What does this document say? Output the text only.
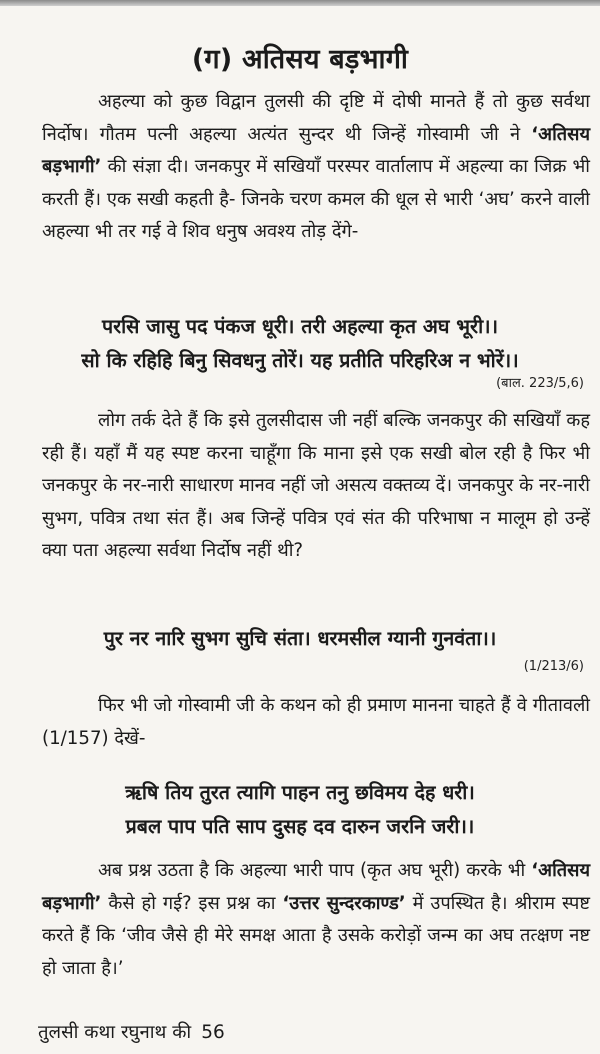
(ग) अतिसय बड़भागी

अहल्या को कुछ विद्वान तुलसी की दृष्टि में दोषी मानते हैं तो कुछ सर्वथा निर्दोष। गौतम पत्नी अहल्या अत्यंत सुन्दर थी जिन्हें गोस्वामी जी ने ‘अतिसय बड़भागी’ की संज्ञा दी। जनकपुर में सखियाँ परस्पर वार्तालाप में अहल्या का जिक्र भी करती हैं। एक सखी कहती है- जिनके चरण कमल की धूल से भारी ‘अघ’ करने वाली अहल्या भी तर गई वे शिव धनुष अवश्य तोड़ देंगे-

परसि जासु पद पंकज धूरी। तरी अहल्या कृत अघ भूरी।।
सो कि रहिहि बिनु सिवधनु तोरें। यह प्रतीति परिहरिअ न भोरें।।
(बाल. 223/5,6)

लोग तर्क देते हैं कि इसे तुलसीदास जी नहीं बल्कि जनकपुर की सखियाँ कह रही हैं। यहाँ मैं यह स्पष्ट करना चाहूँगा कि माना इसे एक सखी बोल रही है फिर भी जनकपुर के नर-नारी साधारण मानव नहीं जो असत्य वक्तव्य दें। जनकपुर के नर-नारी सुभग, पवित्र तथा संत हैं। अब जिन्हें पवित्र एवं संत की परिभाषा न मालूम हो उन्हें क्या पता अहल्या सर्वथा निर्दोष नहीं थी?

पुर नर नारि सुभग सुचि संता। धरमसील ग्यानी गुनवंता।।
(1/213/6)

फिर भी जो गोस्वामी जी के कथन को ही प्रमाण मानना चाहते हैं वे गीतावली (1/157) देखें-

ऋषि तिय तुरत त्यागि पाहन तनु छविमय देह धरी।
प्रबल पाप पति साप दुसह दव दारुन जरनि जरी।।

अब प्रश्न उठता है कि अहल्या भारी पाप (कृत अघ भूरी) करके भी ‘अतिसय बड़भागी’ कैसे हो गई? इस प्रश्न का ‘उत्तर सुन्दरकाण्ड’ में उपस्थित है। श्रीराम स्पष्ट करते हैं कि ‘जीव जैसे ही मेरे समक्ष आता है उसके करोड़ों जन्म का अघ तत्क्षण नष्ट हो जाता है।’

तुलसी कथा रघुनाथ की 56
